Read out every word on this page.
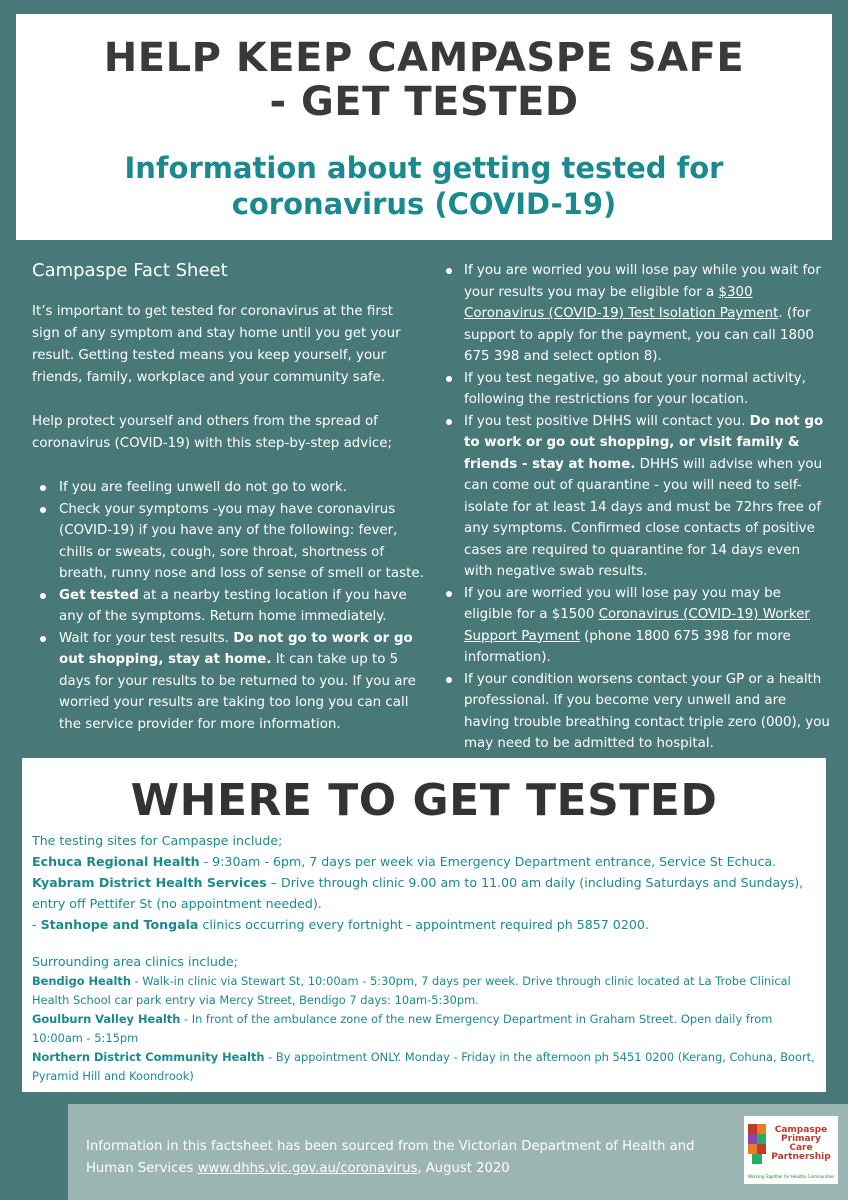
HELP KEEP CAMPASPE SAFE
- GET TESTED
Information about getting tested for
coronavirus (COVID-19)
Campaspe Fact Sheet

It’s important to get tested for coronavirus at the first sign of any symptom and stay home until you get your result. Getting tested means you keep yourself, your friends, family, workplace and your community safe.

Help protect yourself and others from the spread of coronavirus (COVID-19) with this step-by-step advice;

If you are feeling unwell do not go to work.
Check your symptoms -you may have coronavirus (COVID-19) if you have any of the following: fever, chills or sweats, cough, sore throat, shortness of breath, runny nose and loss of sense of smell or taste.
Get tested at a nearby testing location if you have any of the symptoms. Return home immediately.
Wait for your test results. Do not go to work or go out shopping, stay at home. It can take up to 5 days for your results to be returned to you. If you are worried your results are taking too long you can call the service provider for more information.
If you are worried you will lose pay while you wait for your results you may be eligible for a $300 Coronavirus (COVID-19) Test Isolation Payment. (for support to apply for the payment, you can call 1800 675 398 and select option 8).
If you test negative, go about your normal activity, following the restrictions for your location.
If you test positive DHHS will contact you. Do not go to work or go out shopping, or visit family & friends - stay at home. DHHS will advise when you can come out of quarantine - you will need to self-isolate for at least 14 days and must be 72hrs free of any symptoms. Confirmed close contacts of positive cases are required to quarantine for 14 days even with negative swab results.
If you are worried you will lose pay you may be eligible for a $1500 Coronavirus (COVID-19) Worker Support Payment (phone 1800 675 398 for more information).
If your condition worsens contact your GP or a health professional. If you become very unwell and are having trouble breathing contact triple zero (000), you may need to be admitted to hospital.
WHERE TO GET TESTED
The testing sites for Campaspe include;
Echuca Regional Health - 9:30am - 6pm, 7 days per week via Emergency Department entrance, Service St Echuca.
Kyabram District Health Services – Drive through clinic 9.00 am to 11.00 am daily (including Saturdays and Sundays), entry off Pettifer St (no appointment needed).
- Stanhope and Tongala clinics occurring every fortnight - appointment required ph 5857 0200.
Surrounding area clinics include;
Bendigo Health - Walk-in clinic via Stewart St, 10:00am - 5:30pm, 7 days per week. Drive through clinic located at La Trobe Clinical Health School car park entry via Mercy Street, Bendigo 7 days: 10am-5:30pm.
Goulburn Valley Health - In front of the ambulance zone of the new Emergency Department in Graham Street. Open daily from 10:00am - 5:15pm
Northern District Community Health - By appointment ONLY. Monday - Friday in the afternoon ph 5451 0200 (Kerang, Cohuna, Boort, Pyramid Hill and Koondrook)

Information in this factsheet has been sourced from the Victorian Department of Health and Human Services www.dhhs.vic.gov.au/coronavirus, August 2020

Campaspe
Primary
Care
Partnership
Working Together for Healthy Communities
